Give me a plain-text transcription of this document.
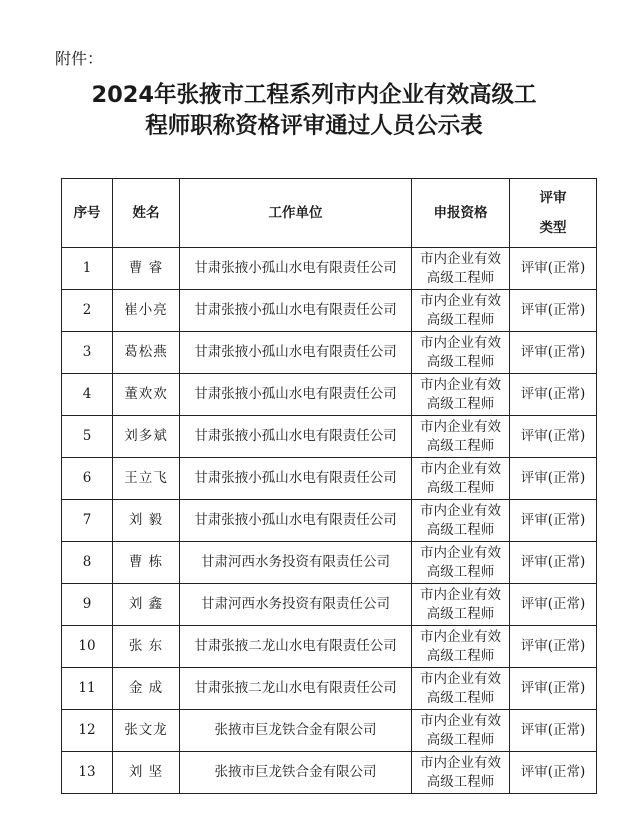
附件：
2024年张掖市工程系列市内企业有效高级工
程师职称资格评审通过人员公示表
序号	姓名	工作单位	申报资格	评审
类型

1	曹 睿	甘肃张掖小孤山水电有限责任公司	市内企业有效
高级工程师	评审(正常)
2	崔小亮	甘肃张掖小孤山水电有限责任公司	市内企业有效
高级工程师	评审(正常)
3	葛松燕	甘肃张掖小孤山水电有限责任公司	市内企业有效
高级工程师	评审(正常)
4	董欢欢	甘肃张掖小孤山水电有限责任公司	市内企业有效
高级工程师	评审(正常)
5	刘多斌	甘肃张掖小孤山水电有限责任公司	市内企业有效
高级工程师	评审(正常)
6	王立飞	甘肃张掖小孤山水电有限责任公司	市内企业有效
高级工程师	评审(正常)
7	刘 毅	甘肃张掖小孤山水电有限责任公司	市内企业有效
高级工程师	评审(正常)
8	曹 栋	甘肃河西水务投资有限责任公司	市内企业有效
高级工程师	评审(正常)
9	刘 鑫	甘肃河西水务投资有限责任公司	市内企业有效
高级工程师	评审(正常)
10	张 东	甘肃张掖二龙山水电有限责任公司	市内企业有效
高级工程师	评审(正常)
11	金 成	甘肃张掖二龙山水电有限责任公司	市内企业有效
高级工程师	评审(正常)
12	张文龙	张掖市巨龙铁合金有限公司	市内企业有效
高级工程师	评审(正常)
13	刘 坚	张掖市巨龙铁合金有限公司	市内企业有效
高级工程师	评审(正常)
